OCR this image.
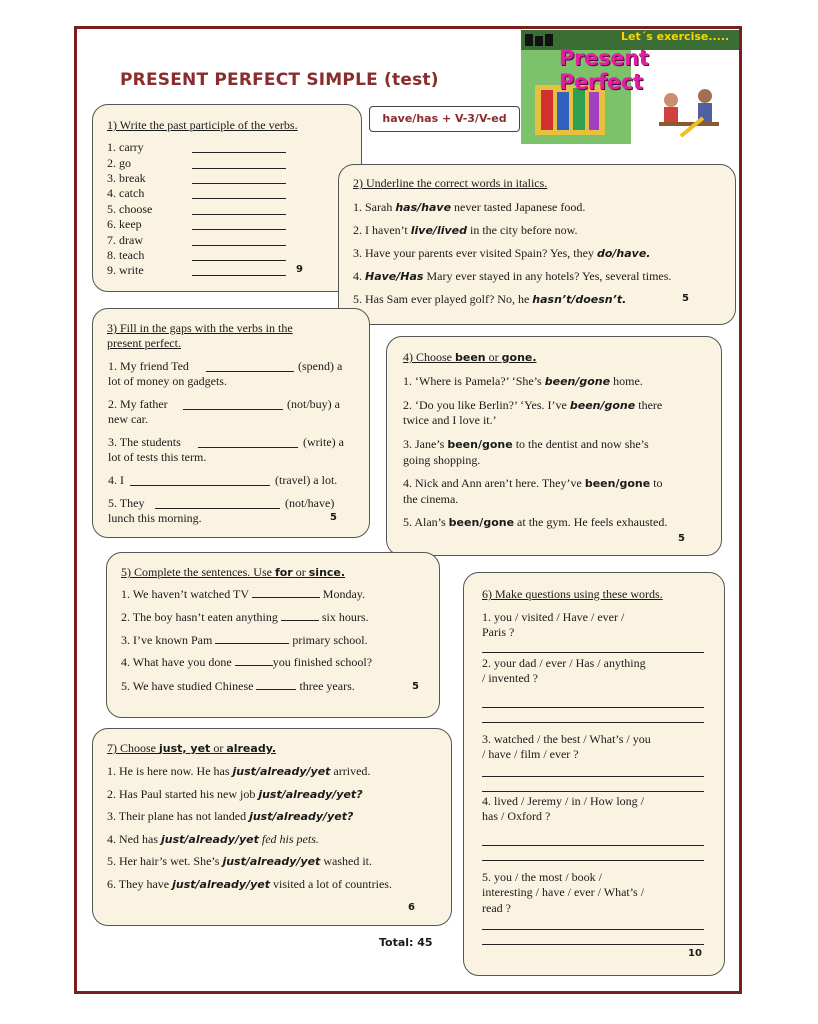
PRESENT PERFECT SIMPLE (test)
have/has + V-3/V-ed
Let´s exercise.....
Present Perfect
1) Write the past participle of the verbs.
1. carry
2. go
3. break
4. catch
5. choose
6. keep
7. draw
8. teach
9. write	9
2) Underline the correct words in italics.
1. Sarah has/have never tasted Japanese food.
2. I haven’t live/lived in the city before now.
3. Have your parents ever visited Spain? Yes, they do/have.
4. Have/Has Mary ever stayed in any hotels? Yes, several times.
5. Has Sam ever played golf? No, he hasn’t/doesn’t.	5
3) Fill in the gaps with the verbs in the
present perfect.
1. My friend Ted	(spend) a
lot of money on gadgets.
2. My father	(not/buy) a
new car.
3. The students	(write) a
lot of tests this term.
4. I	(travel) a lot.
5. They	(not/have)
lunch this morning.	5
4) Choose been or gone.
1. ‘Where is Pamela?’ ‘She’s been/gone home.
2. ‘Do you like Berlin?’ ‘Yes. I’ve been/gone there
twice and I love it.’
3. Jane’s been/gone to the dentist and now she’s
going shopping.
4. Nick and Ann aren’t here. They’ve been/gone to
the cinema.
5. Alan’s been/gone at the gym. He feels exhausted.
5
5) Complete the sentences. Use for or since.
1. We haven’t watched TV	Monday.
2. The boy hasn’t eaten anything	six hours.
3. I’ve known Pam	primary school.
4. What have you done	you finished school?
5. We have studied Chinese	three years.	5
6) Make questions using these words.
1. you / visited / Have / ever /
Paris ?
2. your dad / ever / Has / anything
/ invented ?
3. watched / the best / What’s / you
/ have / film / ever ?
4. lived / Jeremy / in / How long /
has / Oxford ?
5. you / the most / book /
interesting / have / ever / What’s /
read ?
10
7) Choose just, yet or already.
1. He is here now. He has just/already/yet arrived.
2. Has Paul started his new job just/already/yet?
3. Their plane has not landed just/already/yet?
4. Ned has just/already/yet fed his pets.
5. Her hair’s wet. She’s just/already/yet washed it.
6. They have just/already/yet visited a lot of countries.
6
Total: 45
